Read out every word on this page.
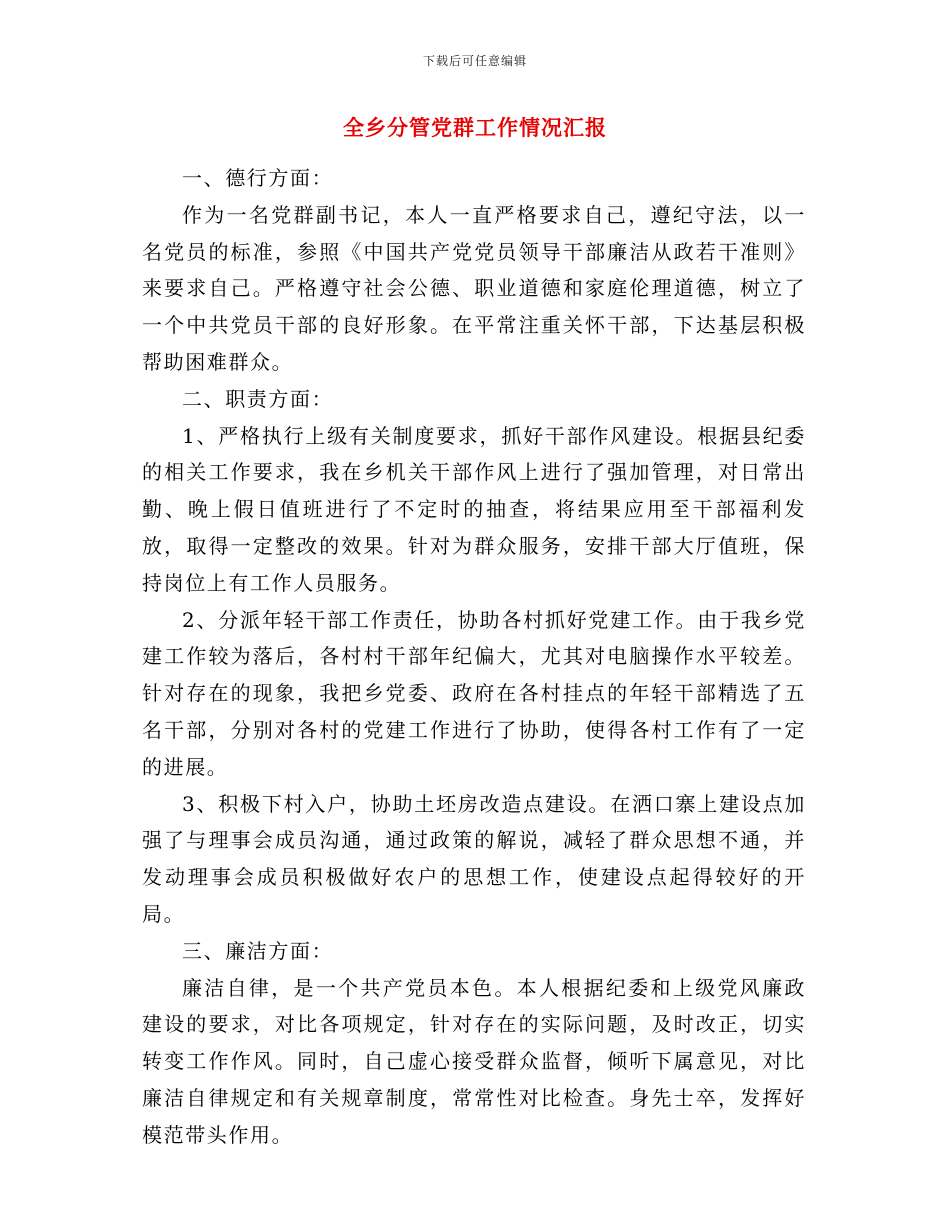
下载后可任意编辑
全乡分管党群工作情况汇报

一、德行方面：

作为一名党群副书记，本人一直严格要求自己，遵纪守法，以一名党员的标准，参照《中国共产党党员领导干部廉洁从政若干准则》来要求自己。严格遵守社会公德、职业道德和家庭伦理道德，树立了一个中共党员干部的良好形象。在平常注重关怀干部，下达基层积极帮助困难群众。

二、职责方面：

1、严格执行上级有关制度要求，抓好干部作风建设。根据县纪委的相关工作要求，我在乡机关干部作风上进行了强加管理，对日常出勤、晚上假日值班进行了不定时的抽查，将结果应用至干部福利发放，取得一定整改的效果。针对为群众服务，安排干部大厅值班，保持岗位上有工作人员服务。

2、分派年轻干部工作责任，协助各村抓好党建工作。由于我乡党建工作较为落后，各村村干部年纪偏大，尤其对电脑操作水平较差。针对存在的现象，我把乡党委、政府在各村挂点的年轻干部精选了五名干部，分别对各村的党建工作进行了协助，使得各村工作有了一定的进展。

3、积极下村入户，协助土坯房改造点建设。在洒口寨上建设点加强了与理事会成员沟通，通过政策的解说，减轻了群众思想不通，并发动理事会成员积极做好农户的思想工作，使建设点起得较好的开局。

三、廉洁方面：

廉洁自律，是一个共产党员本色。本人根据纪委和上级党风廉政建设的要求，对比各项规定，针对存在的实际问题，及时改正，切实转变工作作风。同时，自己虚心接受群众监督，倾听下属意见，对比廉洁自律规定和有关规章制度，常常性对比检查。身先士卒，发挥好模范带头作用。
